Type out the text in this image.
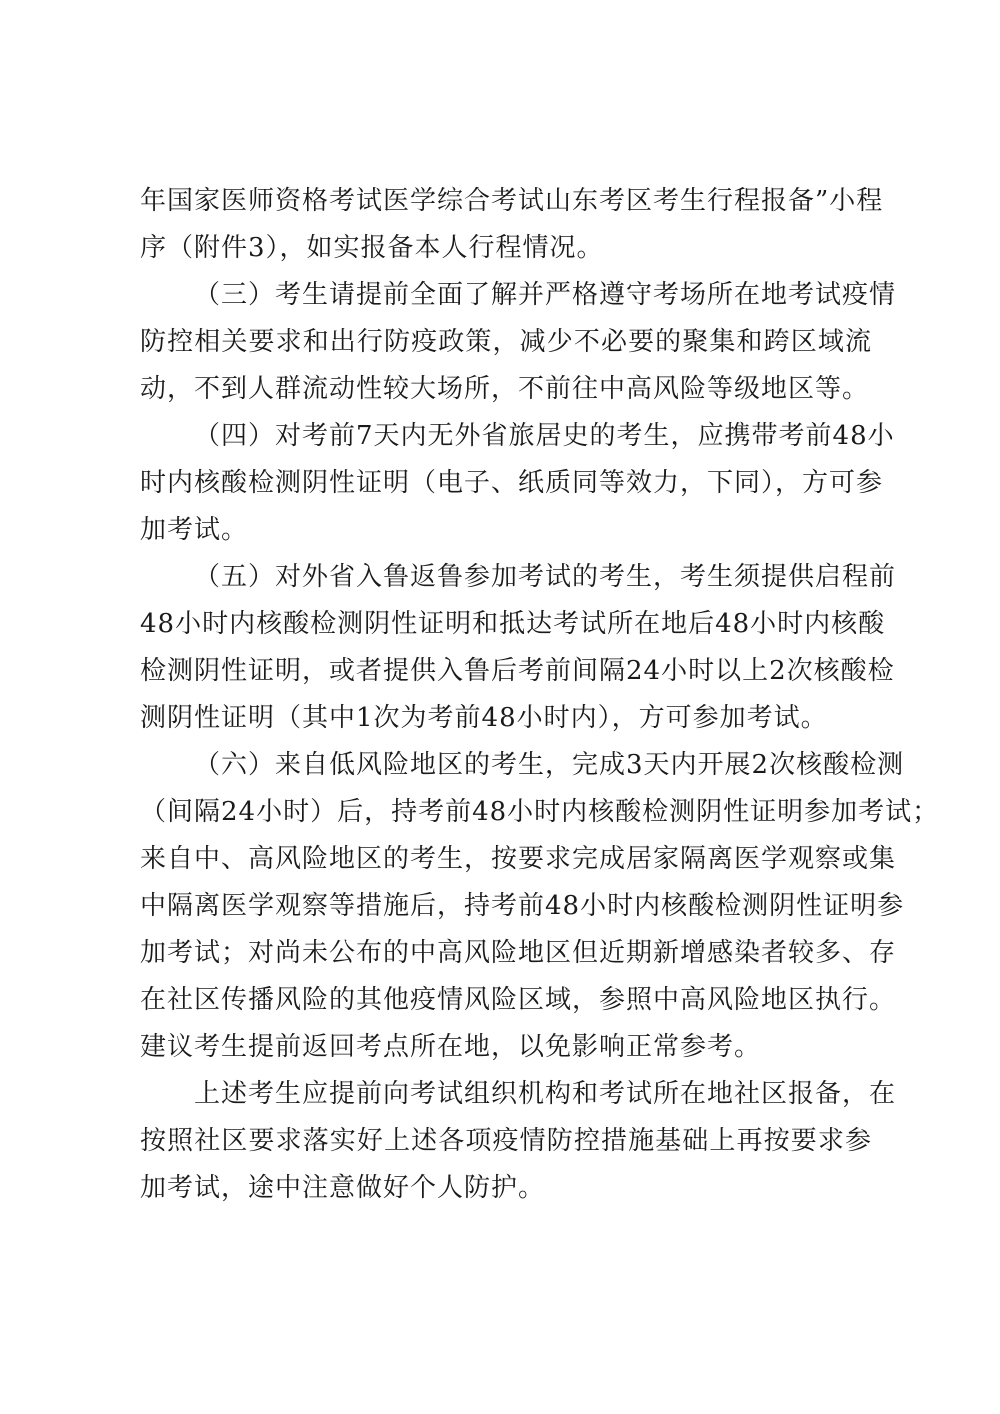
年国家医师资格考试医学综合考试山东考区考生行程报备”小程
序（附件3），如实报备本人行程情况。
（三）考生请提前全面了解并严格遵守考场所在地考试疫情
防控相关要求和出行防疫政策，减少不必要的聚集和跨区域流
动，不到人群流动性较大场所，不前往中高风险等级地区等。
（四）对考前7天内无外省旅居史的考生，应携带考前48小
时内核酸检测阴性证明（电子、纸质同等效力，下同），方可参
加考试。
（五）对外省入鲁返鲁参加考试的考生，考生须提供启程前
48小时内核酸检测阴性证明和抵达考试所在地后48小时内核酸
检测阴性证明，或者提供入鲁后考前间隔24小时以上2次核酸检
测阴性证明（其中1次为考前48小时内），方可参加考试。
（六）来自低风险地区的考生，完成3天内开展2次核酸检测
（间隔24小时）后，持考前48小时内核酸检测阴性证明参加考试；
来自中、高风险地区的考生，按要求完成居家隔离医学观察或集
中隔离医学观察等措施后，持考前48小时内核酸检测阴性证明参
加考试；对尚未公布的中高风险地区但近期新增感染者较多、存
在社区传播风险的其他疫情风险区域，参照中高风险地区执行。
建议考生提前返回考点所在地，以免影响正常参考。
上述考生应提前向考试组织机构和考试所在地社区报备，在
按照社区要求落实好上述各项疫情防控措施基础上再按要求参
加考试，途中注意做好个人防护。
